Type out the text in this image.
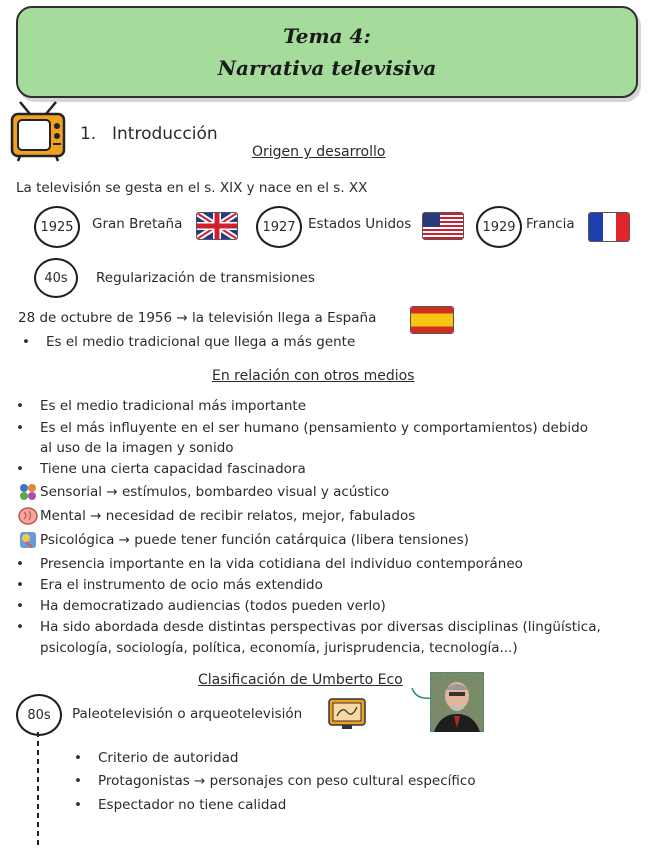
Tema 4:
Narrativa televisiva
1. Introducción
Origen y desarrollo
La televisión se gesta en el s. XIX y nace en el s. XX
1925 Gran Bretaña	1927 Estados Unidos	1929 Francia
40s Regularización de transmisiones
28 de octubre de 1956 → la televisión llega a España
• Es el medio tradicional que llega a más gente
En relación con otros medios
• Es el medio tradicional más importante
• Es el más influyente en el ser humano (pensamiento y comportamientos) debido
al uso de la imagen y sonido
• Tiene una cierta capacidad fascinadora
Sensorial → estímulos, bombardeo visual y acústico
Mental → necesidad de recibir relatos, mejor, fabulados
Psicológica → puede tener función catárquica (libera tensiones)
• Presencia importante en la vida cotidiana del individuo contemporáneo
• Era el instrumento de ocio más extendido
• Ha democratizado audiencias (todos pueden verlo)
• Ha sido abordada desde distintas perspectivas por diversas disciplinas (lingüística,
psicología, sociología, política, economía, jurisprudencia, tecnología...)
Clasificación de Umberto Eco
80s Paleotelevisión o arqueotelevisión
• Criterio de autoridad
• Protagonistas → personajes con peso cultural específico
• Espectador no tiene calidad
